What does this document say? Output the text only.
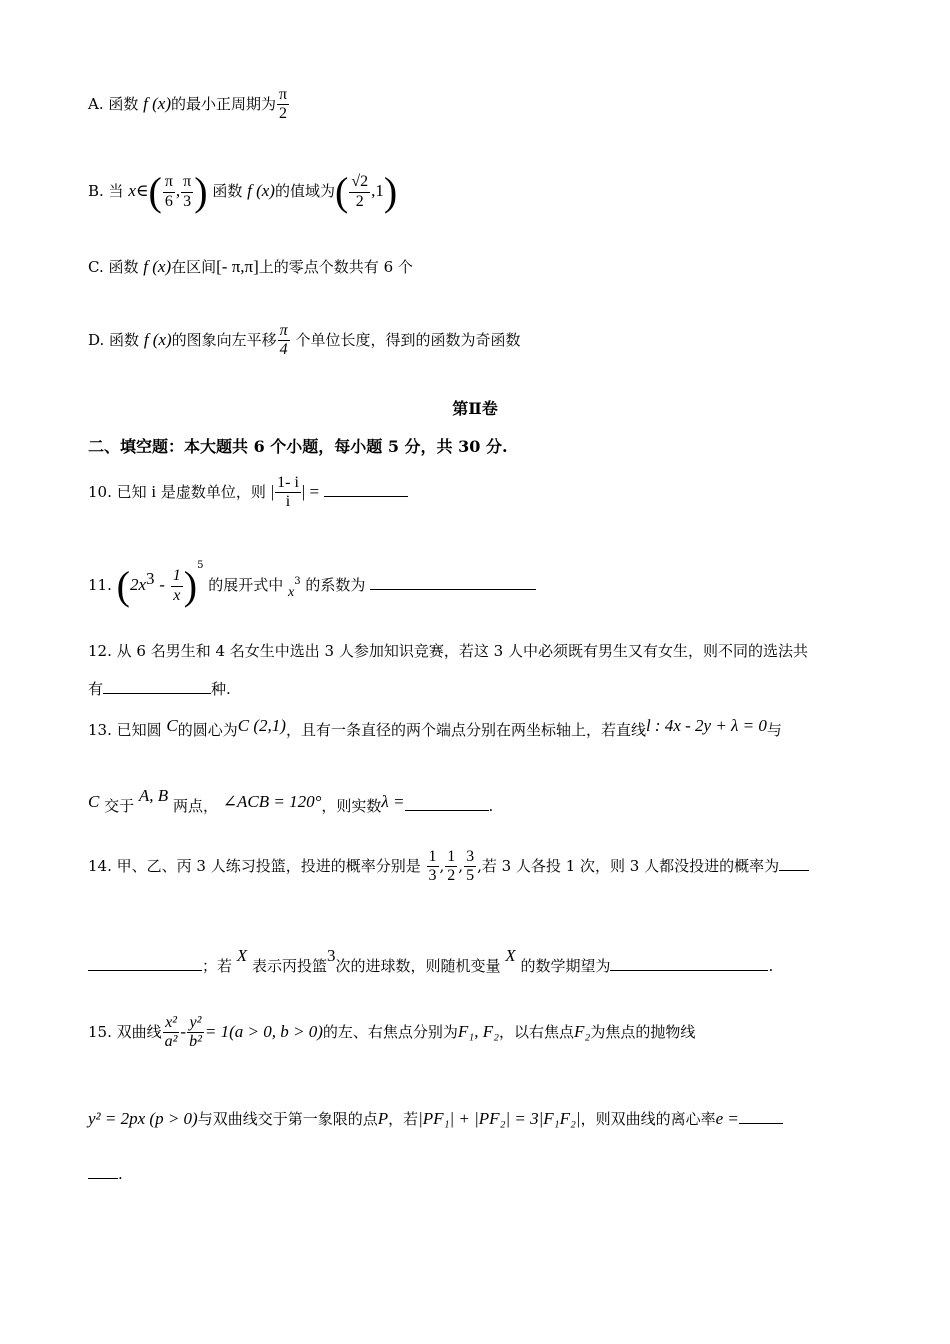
A. 函数 f (x)的最小正周期为 $\frac{\pi}{2}$
B. 当 x∈( $\frac{\pi}{6}$ , $\frac{\pi}{3}$ ) 函数 f (x)的值域为( $\frac{√2}{2} ,1$)
C. 函数 f (x)在区间[- π,π]上的零点个数共有 6 个
D. 函数 f (x)的图象向左平移 $\frac{\pi}{4}$ 个单位长度，得到的函数为奇函数
第Ⅱ卷
二、填空题：本大题共 6 个小题，每小题 5 分，共 30 分.
10. 已知 i 是虚数单位，则 | $\frac{1- i}{i}$ | =
11. $(2x^3 - \frac{1}{x} )^5$ 的展开式中 $x^3$ 的系数为
12. 从 6 名男生和 4 名女生中选出 3 人参加知识竞赛，若这 3 人中必须既有男生又有女生，则不同的选法共
有	种.
13. 已知圆 C的圆心为C (2,1)，且有一条直径的两个端点分别在两坐标轴上，若直线l : 4x - 2y + λ = 0与
C 交于 A, B 两点， ∠ACB = 120°，则实数λ =	.
14. 甲、乙、丙 3 人练习投篮，投进的概率分别是 $\frac{1}{3}$ , $\frac{1}{2}$ , $\frac{3}{5}$ ,若 3 人各投 1 次，则 3 人都没投进的概率为
；若 X 表示丙投篮3次的进球数，则随机变量 X 的数学期望为	.
15. 双曲线 $\frac{\text{x²}}{\text{a²}} - \frac{\text{y²}}{\text{b²}} = 1(a > 0$, b > 0)的左、右焦点分别为F₁, F₂，以右焦点F₂为焦点的抛物线
y² = 2px (p > 0)与双曲线交于第一象限的点P，若|PF₁| + |PF₂| = 3|F₁F₂|，则双曲线的离心率e =
.
